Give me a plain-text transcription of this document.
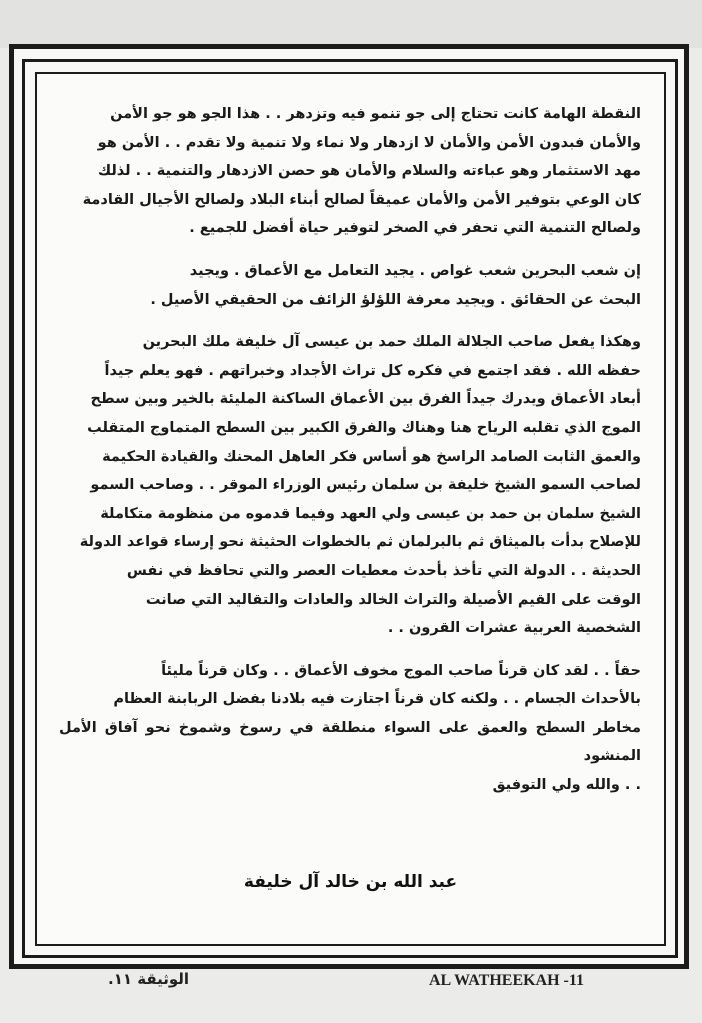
النقطة الهامة كانت تحتاج إلى جو تنمو فيه وتزدهر . . هذا الجو هو جو الأمن
والأمان فبدون الأمن والأمان لا ازدهار ولا نماء ولا تنمية ولا تقدم . . الأمن هو
مهد الاستثمار وهو عباءته والسلام والأمان هو حصن الازدهار والتنمية . . لذلك
كان الوعي بتوفير الأمن والأمان عميقاً لصالح أبناء البلاد ولصالح الأجيال القادمة
ولصالح التنمية التي تحفر في الصخر لتوفير حياة أفضل للجميع .

إن شعب البحرين شعب غواص . يجيد التعامل مع الأعماق . ويجيد
البحث عن الحقائق . ويجيد معرفة اللؤلؤ الزائف من الحقيقي الأصيل .

وهكذا يفعل صاحب الجلالة الملك حمد بن عيسى آل خليفة ملك البحرين
حفظه الله . فقد اجتمع في فكره كل تراث الأجداد وخبراتهم . فهو يعلم جيداً
أبعاد الأعماق ويدرك جيداً الفرق بين الأعماق الساكنة المليئة بالخير وبين سطح
الموج الذي تقلبه الرياح هنا وهناك والفرق الكبير بين السطح المتماوج المتقلب
والعمق الثابت الصامد الراسخ هو أساس فكر العاهل المحنك والقيادة الحكيمة
لصاحب السمو الشيخ خليفة بن سلمان رئيس الوزراء الموقر . . وصاحب السمو
الشيخ سلمان بن حمد بن عيسى ولي العهد وفيما قدموه من منظومة متكاملة
للإصلاح بدأت بالميثاق ثم بالبرلمان ثم بالخطوات الحثيثة نحو إرساء قواعد الدولة
الحديثة . . الدولة التي تأخذ بأحدث معطيات العصر والتي تحافظ في نفس
الوقت على القيم الأصيلة والتراث الخالد والعادات والتقاليد التي صانت
الشخصية العربية عشرات القرون . .

حقاً . . لقد كان قرناً صاحب الموج مخوف الأعماق . . وكان قرناً مليئاً
بالأحداث الجسام . . ولكنه كان قرناً اجتازت فيه بلادنا بفضل الربابنة العظام
مخاطر السطح والعمق على السواء منطلقة في رسوخ وشموخ نحو آفاق الأمل المنشود
. . والله ولي التوفيق

عبد الله بن خالد آل خليفة
الوثيقة ١١.	AL WATHEEKAH -11
